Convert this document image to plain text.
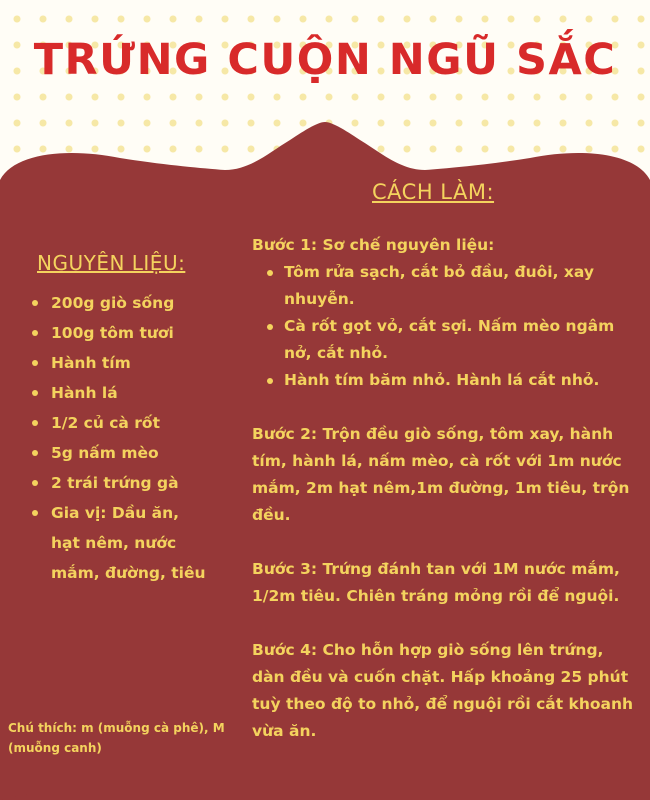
TRỨNG CUỘN NGŨ SẮC
NGUYÊN LIỆU:
200g giò sống
100g tôm tươi
Hành tím
Hành lá
1/2 củ cà rốt
5g nấm mèo
2 trái trứng gà
Gia vị: Dầu ăn, hạt nêm, nước mắm, đường, tiêu
CÁCH LÀM:

Bước 1: Sơ chế nguyên liệu:

Tôm rửa sạch, cắt bỏ đầu, đuôi, xay nhuyễn.
Cà rốt gọt vỏ, cắt sợi. Nấm mèo ngâm nở, cắt nhỏ.
Hành tím băm nhỏ. Hành lá cắt nhỏ.

Bước 2: Trộn đều giò sống, tôm xay, hành tím, hành lá, nấm mèo, cà rốt với 1m nước mắm, 2m hạt nêm,1m đường, 1m tiêu, trộn đều.

Bước 3: Trứng đánh tan với 1M nước mắm, 1/2m tiêu. Chiên tráng mỏng rồi để nguội.

Bước 4: Cho hỗn hợp giò sống lên trứng, dàn đều và cuốn chặt. Hấp khoảng 25 phút tuỳ theo độ to nhỏ, để nguội rồi cắt khoanh vừa ăn.

Chú thích: m (muỗng cà phê), M (muỗng canh)
